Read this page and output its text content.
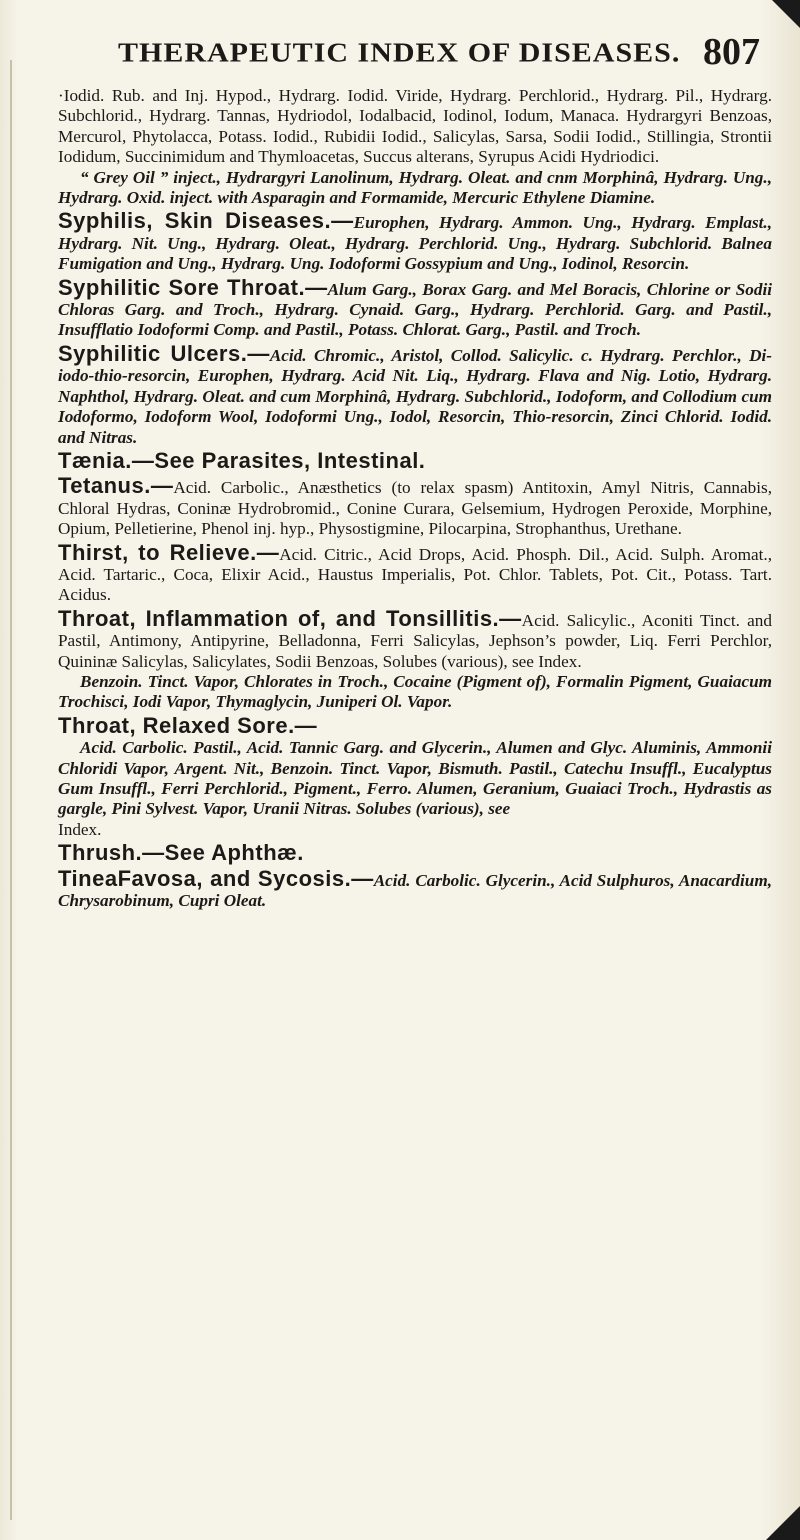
THERAPEUTIC INDEX OF DISEASES. 807

·Iodid. Rub. and Inj. Hypod., Hydrarg. Iodid. Viride, Hydrarg. Perchlorid., Hydrarg. Pil., Hydrarg. Subchlorid., Hydrarg. Tannas, Hydriodol, Iodalbacid, Iodinol, Iodum, Manaca. Hydrargyri Benzoas, Mercurol, Phytolacca, Potass. Iodid., Rubidii Iodid., Salicylas, Sarsa, Sodii Iodid., Stillingia, Strontii Iodidum, Succinimidum and Thymloacetas, Succus alterans, Syrupus Acidi Hydriodici.
“ Grey Oil ” inject., Hydrargyri Lanolinum, Hydrarg. Oleat. and cnm Morphinâ, Hydrarg. Ung., Hydrarg. Oxid. inject. with Asparagin and Formamide, Mercuric Ethylene Diamine.

Syphilis, Skin Diseases.—Europhen, Hydrarg. Ammon. Ung., Hydrarg. Emplast., Hydrarg. Nit. Ung., Hydrarg. Oleat., Hydrarg. Perchlorid. Ung., Hydrarg. Subchlorid. Balnea Fumigation and Ung., Hydrarg. Ung. Iodoformi Gossypium and Ung., Iodinol, Resorcin.

Syphilitic Sore Throat.—Alum Garg., Borax Garg. and Mel Boracis, Chlorine or Sodii Chloras Garg. and Troch., Hydrarg. Cynaid. Garg., Hydrarg. Perchlorid. Garg. and Pastil., Insufflatio Iodoformi Comp. and Pastil., Potass. Chlorat. Garg., Pastil. and Troch.

Syphilitic Ulcers.—Acid. Chromic., Aristol, Collod. Salicylic. c. Hydrarg. Perchlor., Di-iodo-thio-resorcin, Europhen, Hydrarg. Acid Nit. Liq., Hydrarg. Flava and Nig. Lotio, Hydrarg. Naphthol, Hydrarg. Oleat. and cum Morphinâ, Hydrarg. Subchlorid., Iodoform, and Collodium cum Iodoformo, Iodoform Wool, Iodoformi Ung., Iodol, Resorcin, Thio-resorcin, Zinci Chlorid. Iodid. and Nitras.

Tænia.—See Parasites, Intestinal.

Tetanus.—Acid. Carbolic., Anæsthetics (to relax spasm) Antitoxin, Amyl Nitris, Cannabis, Chloral Hydras, Coninæ Hydrobromid., Conine Curara, Gelsemium, Hydrogen Peroxide, Morphine, Opium, Pelletierine, Phenol inj. hyp., Physostigmine, Pilocarpina, Strophanthus, Urethane.

Thirst, to Relieve.—Acid. Citric., Acid Drops, Acid. Phosph. Dil., Acid. Sulph. Aromat., Acid. Tartaric., Coca, Elixir Acid., Haustus Imperialis, Pot. Chlor. Tablets, Pot. Cit., Potass. Tart. Acidus.

Throat, Inflammation of, and Tonsillitis.—Acid. Salicylic., Aconiti Tinct. and Pastil, Antimony, Antipyrine, Belladonna, Ferri Salicylas, Jephson’s powder, Liq. Ferri Perchlor, Quininæ Salicylas, Salicylates, Sodii Benzoas, Solubes (various), see Index.
Benzoin. Tinct. Vapor, Chlorates in Troch., Cocaine (Pigment of), Formalin Pigment, Guaiacum Trochisci, Iodi Vapor, Thymaglycin, Juniperi Ol. Vapor.

Throat, Relaxed Sore.—
Acid. Carbolic. Pastil., Acid. Tannic Garg. and Glycerin., Alumen and Glyc. Aluminis, Ammonii Chloridi Vapor, Argent. Nit., Benzoin. Tinct. Vapor, Bismuth. Pastil., Catechu Insuffl., Eucalyptus Gum Insuffl., Ferri Perchlorid., Pigment., Ferro. Alumen, Geranium, Guaiaci Troch., Hydrastis as gargle, Pini Sylvest. Vapor, Uranii Nitras. Solubes (various), see
Index.

Thrush.—See Aphthæ.

TineaFavosa, and Sycosis.—Acid. Carbolic. Glycerin., Acid Sulphuros, Anacardium, Chrysarobinum, Cupri Oleat.
